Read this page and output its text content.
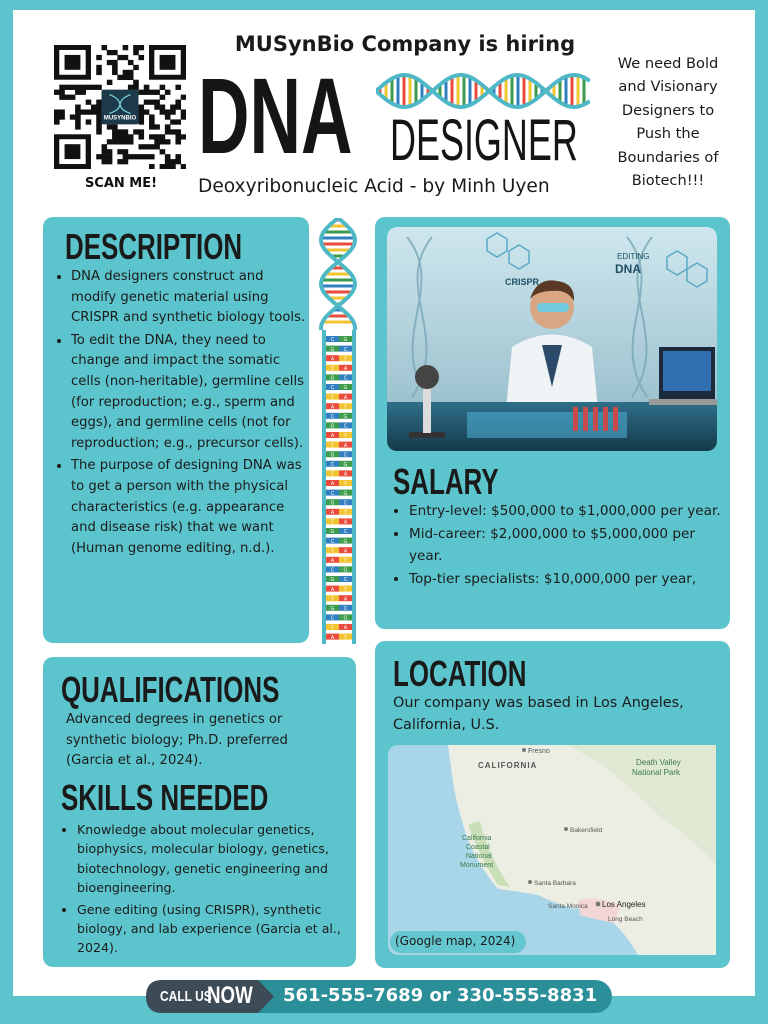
MUSYNBIO
SCAN ME!
MUSynBio Company is hiring
DNA DESIGNER
Deoxyribonucleic Acid - by Minh Uyen
We need Bold
and Visionary
Designers to
Push the
Boundaries of
Biotech!!!
DESCRIPTION
• DNA designers construct and modify genetic material using CRISPR and synthetic biology tools.
• To edit the DNA, they need to change and impact the somatic cells (non-heritable), germline cells (for reproduction; e.g., sperm and eggs), and germline cells (not for reproduction; e.g., precursor cells).
• The purpose of designing DNA was to get a person with the physical characteristics (e.g. appearance and disease risk) that we want (Human genome editing, n.d.).
C G
G C
A T
T A
G C
C G
T A
A T
C G
G C
A T
T A
G C
C G
T A
A T
C G
G C
A T
T A
G C
C G
T A
A T
C G
G C
A T
T A
G C
C G
T A
A T
EDITING
DNA
CRISPR
SALARY
• Entry-level: $500,000 to $1,000,000 per year.
• Mid-career: $2,000,000 to $5,000,000 per year.
• Top-tier specialists: $10,000,000 per year,
QUALIFICATIONS
Advanced degrees in genetics or synthetic biology; Ph.D. preferred (Garcia et al., 2024).
SKILLS NEEDED
• Knowledge about molecular genetics, biophysics, molecular biology, genetics, biotechnology, genetic engineering and bioengineering.
• Gene editing (using CRISPR), synthetic biology, and lab experience (Garcia et al., 2024).
LOCATION
Our company was based in Los Angeles, California, U.S.
Fresno
CALIFORNIA	Death Valley National Park
Bakersfield
California Coastal National Monument
Santa Barbara
Los Angeles
Santa Monica
Long Beach
(Google map, 2024)
CALL US
NOW	561-555-7689 or 330-555-8831
